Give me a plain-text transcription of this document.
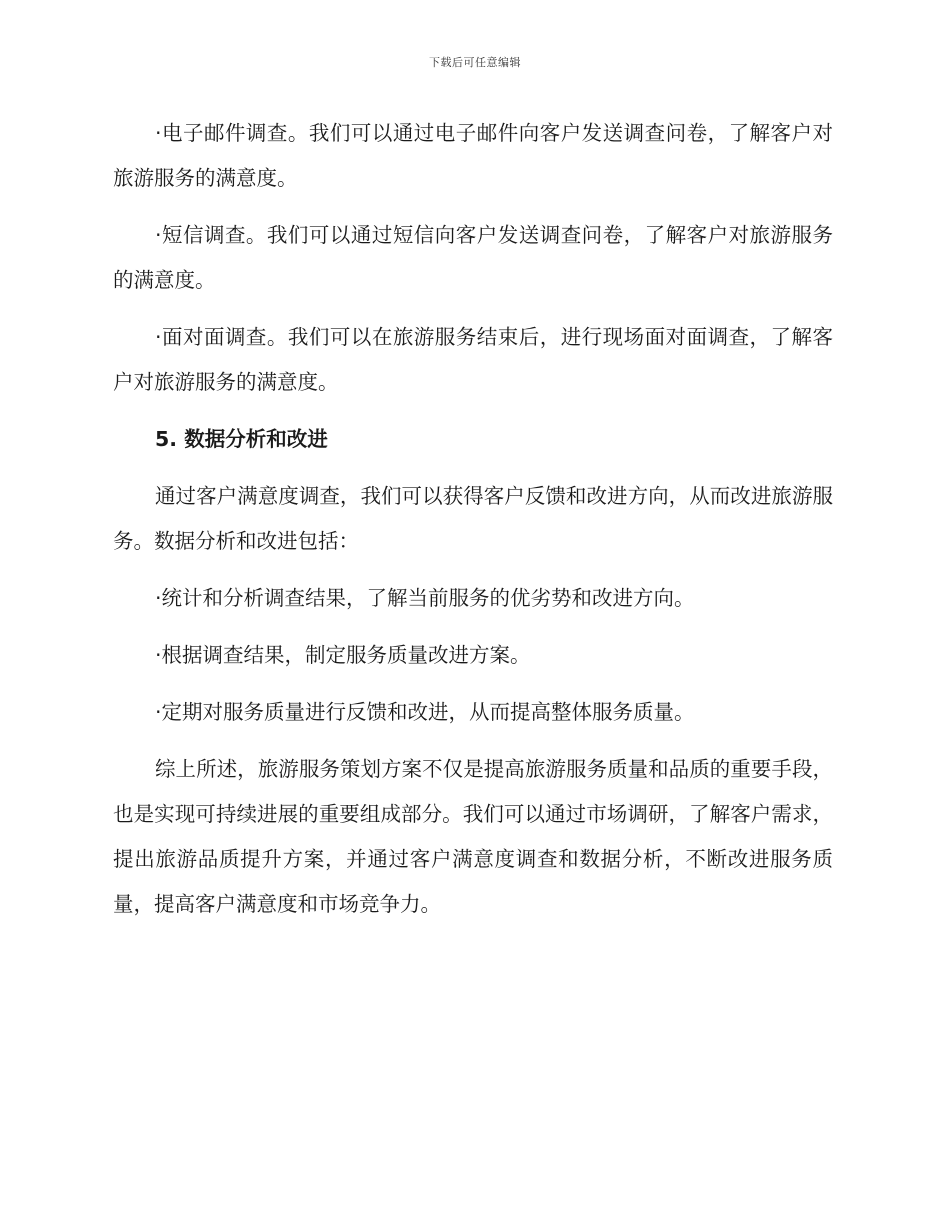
下载后可任意编辑

·电子邮件调查。我们可以通过电子邮件向客户发送调查问卷，了解客户对旅游服务的满意度。

·短信调查。我们可以通过短信向客户发送调查问卷，了解客户对旅游服务的满意度。

·面对面调查。我们可以在旅游服务结束后，进行现场面对面调查，了解客户对旅游服务的满意度。

5. 数据分析和改进

通过客户满意度调查，我们可以获得客户反馈和改进方向，从而改进旅游服务。数据分析和改进包括：

·统计和分析调查结果，了解当前服务的优劣势和改进方向。

·根据调查结果，制定服务质量改进方案。

·定期对服务质量进行反馈和改进，从而提高整体服务质量。

综上所述，旅游服务策划方案不仅是提高旅游服务质量和品质的重要手段，也是实现可持续进展的重要组成部分。我们可以通过市场调研，了解客户需求，提出旅游品质提升方案，并通过客户满意度调查和数据分析，不断改进服务质量，提高客户满意度和市场竞争力。
